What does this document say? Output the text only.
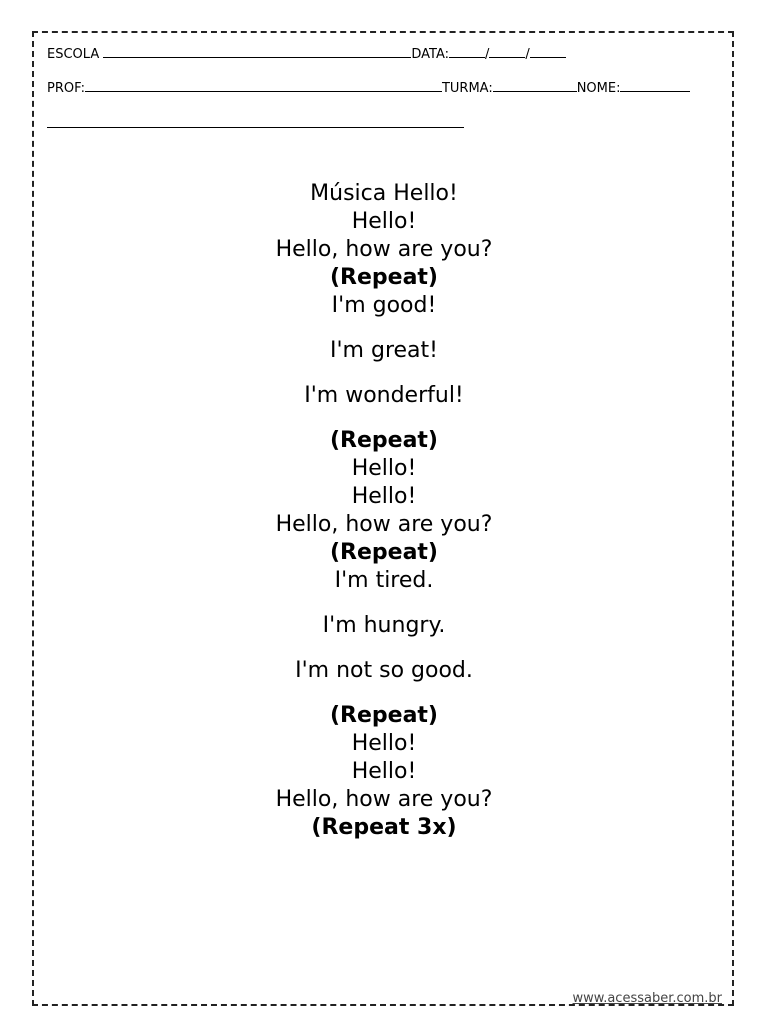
ESCOLA	DATA:	/	/
PROF:	TURMA:	NOME:
Música Hello!
Hello!
Hello, how are you?
(Repeat)
I'm good!
I'm great!
I'm wonderful!
(Repeat)
Hello!
Hello!
Hello, how are you?
(Repeat)
I'm tired.
I'm hungry.
I'm not so good.
(Repeat)
Hello!
Hello!
Hello, how are you?
(Repeat 3x)
www.acessaber.com.br
